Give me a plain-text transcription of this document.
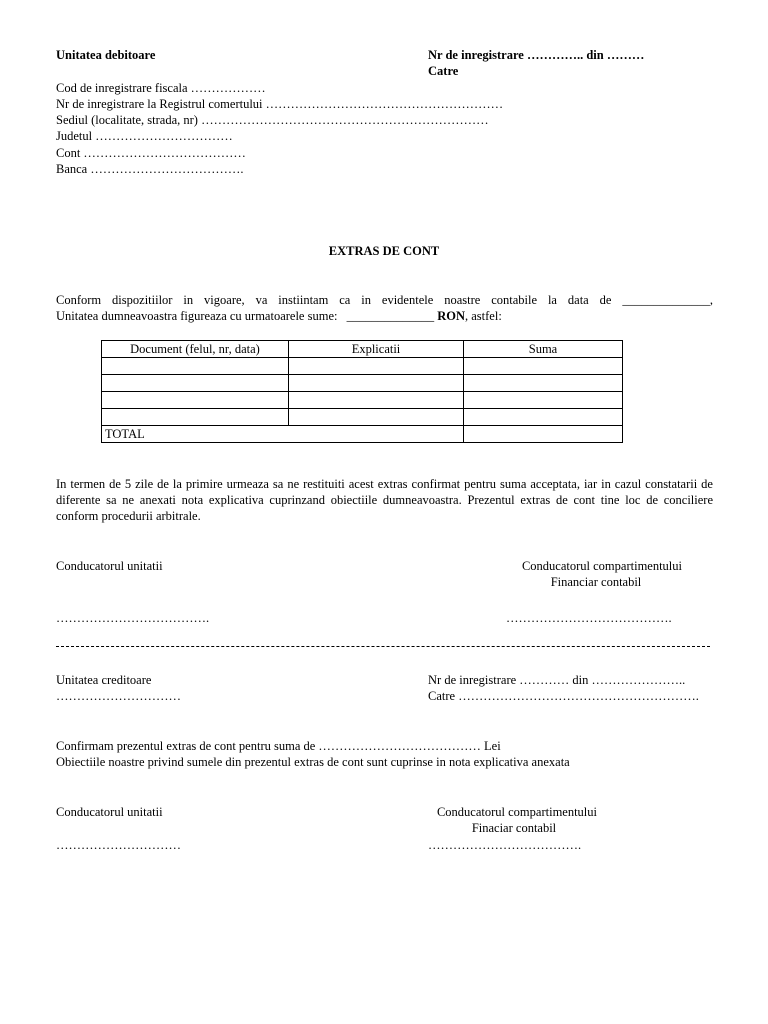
Unitatea debitoare	Nr de inregistrare ………….. din ………
Catre
Cod de inregistrare fiscala ………………
Nr de inregistrare la Registrul comertului …………………………………………………
Sediul (localitate, strada, nr) ……………………………………………………………
Judetul ……………………………
Cont …………………………………
Banca ……………………………….
EXTRAS DE CONT
Conform dispozitiilor in vigoare, va instiintam ca in evidentele noastre contabile la data de ______________,
Unitatea dumneavoastra figureaza cu urmatoarele sume: ______________ RON, astfel:
Document (felul, nr, data)	Explicatii	Suma

TOTAL		
In termen de 5 zile de la primire urmeaza sa ne restituiti acest extras confirmat pentru suma acceptata, iar in cazul constatarii de diferente sa ne anexati nota explicativa cuprinzand obiectiile dumneavoastra. Prezentul extras de cont tine loc de conciliere conform procedurii arbitrale.
Conducatorul unitatii	Conducatorul compartimentului
Financiar contabil
……………………………….	………………………………….
Unitatea creditoare
…………………………
Nr de inregistrare ………… din …………………..
Catre ………………………………………………….
Confirmam prezentul extras de cont pentru suma de ………………………………… Lei
Obiectiile noastre privind sumele din prezentul extras de cont sunt cuprinse in nota explicativa anexata
Conducatorul unitatii	Conducatorul compartimentului
Finaciar contabil
…………………………	……………………………….
